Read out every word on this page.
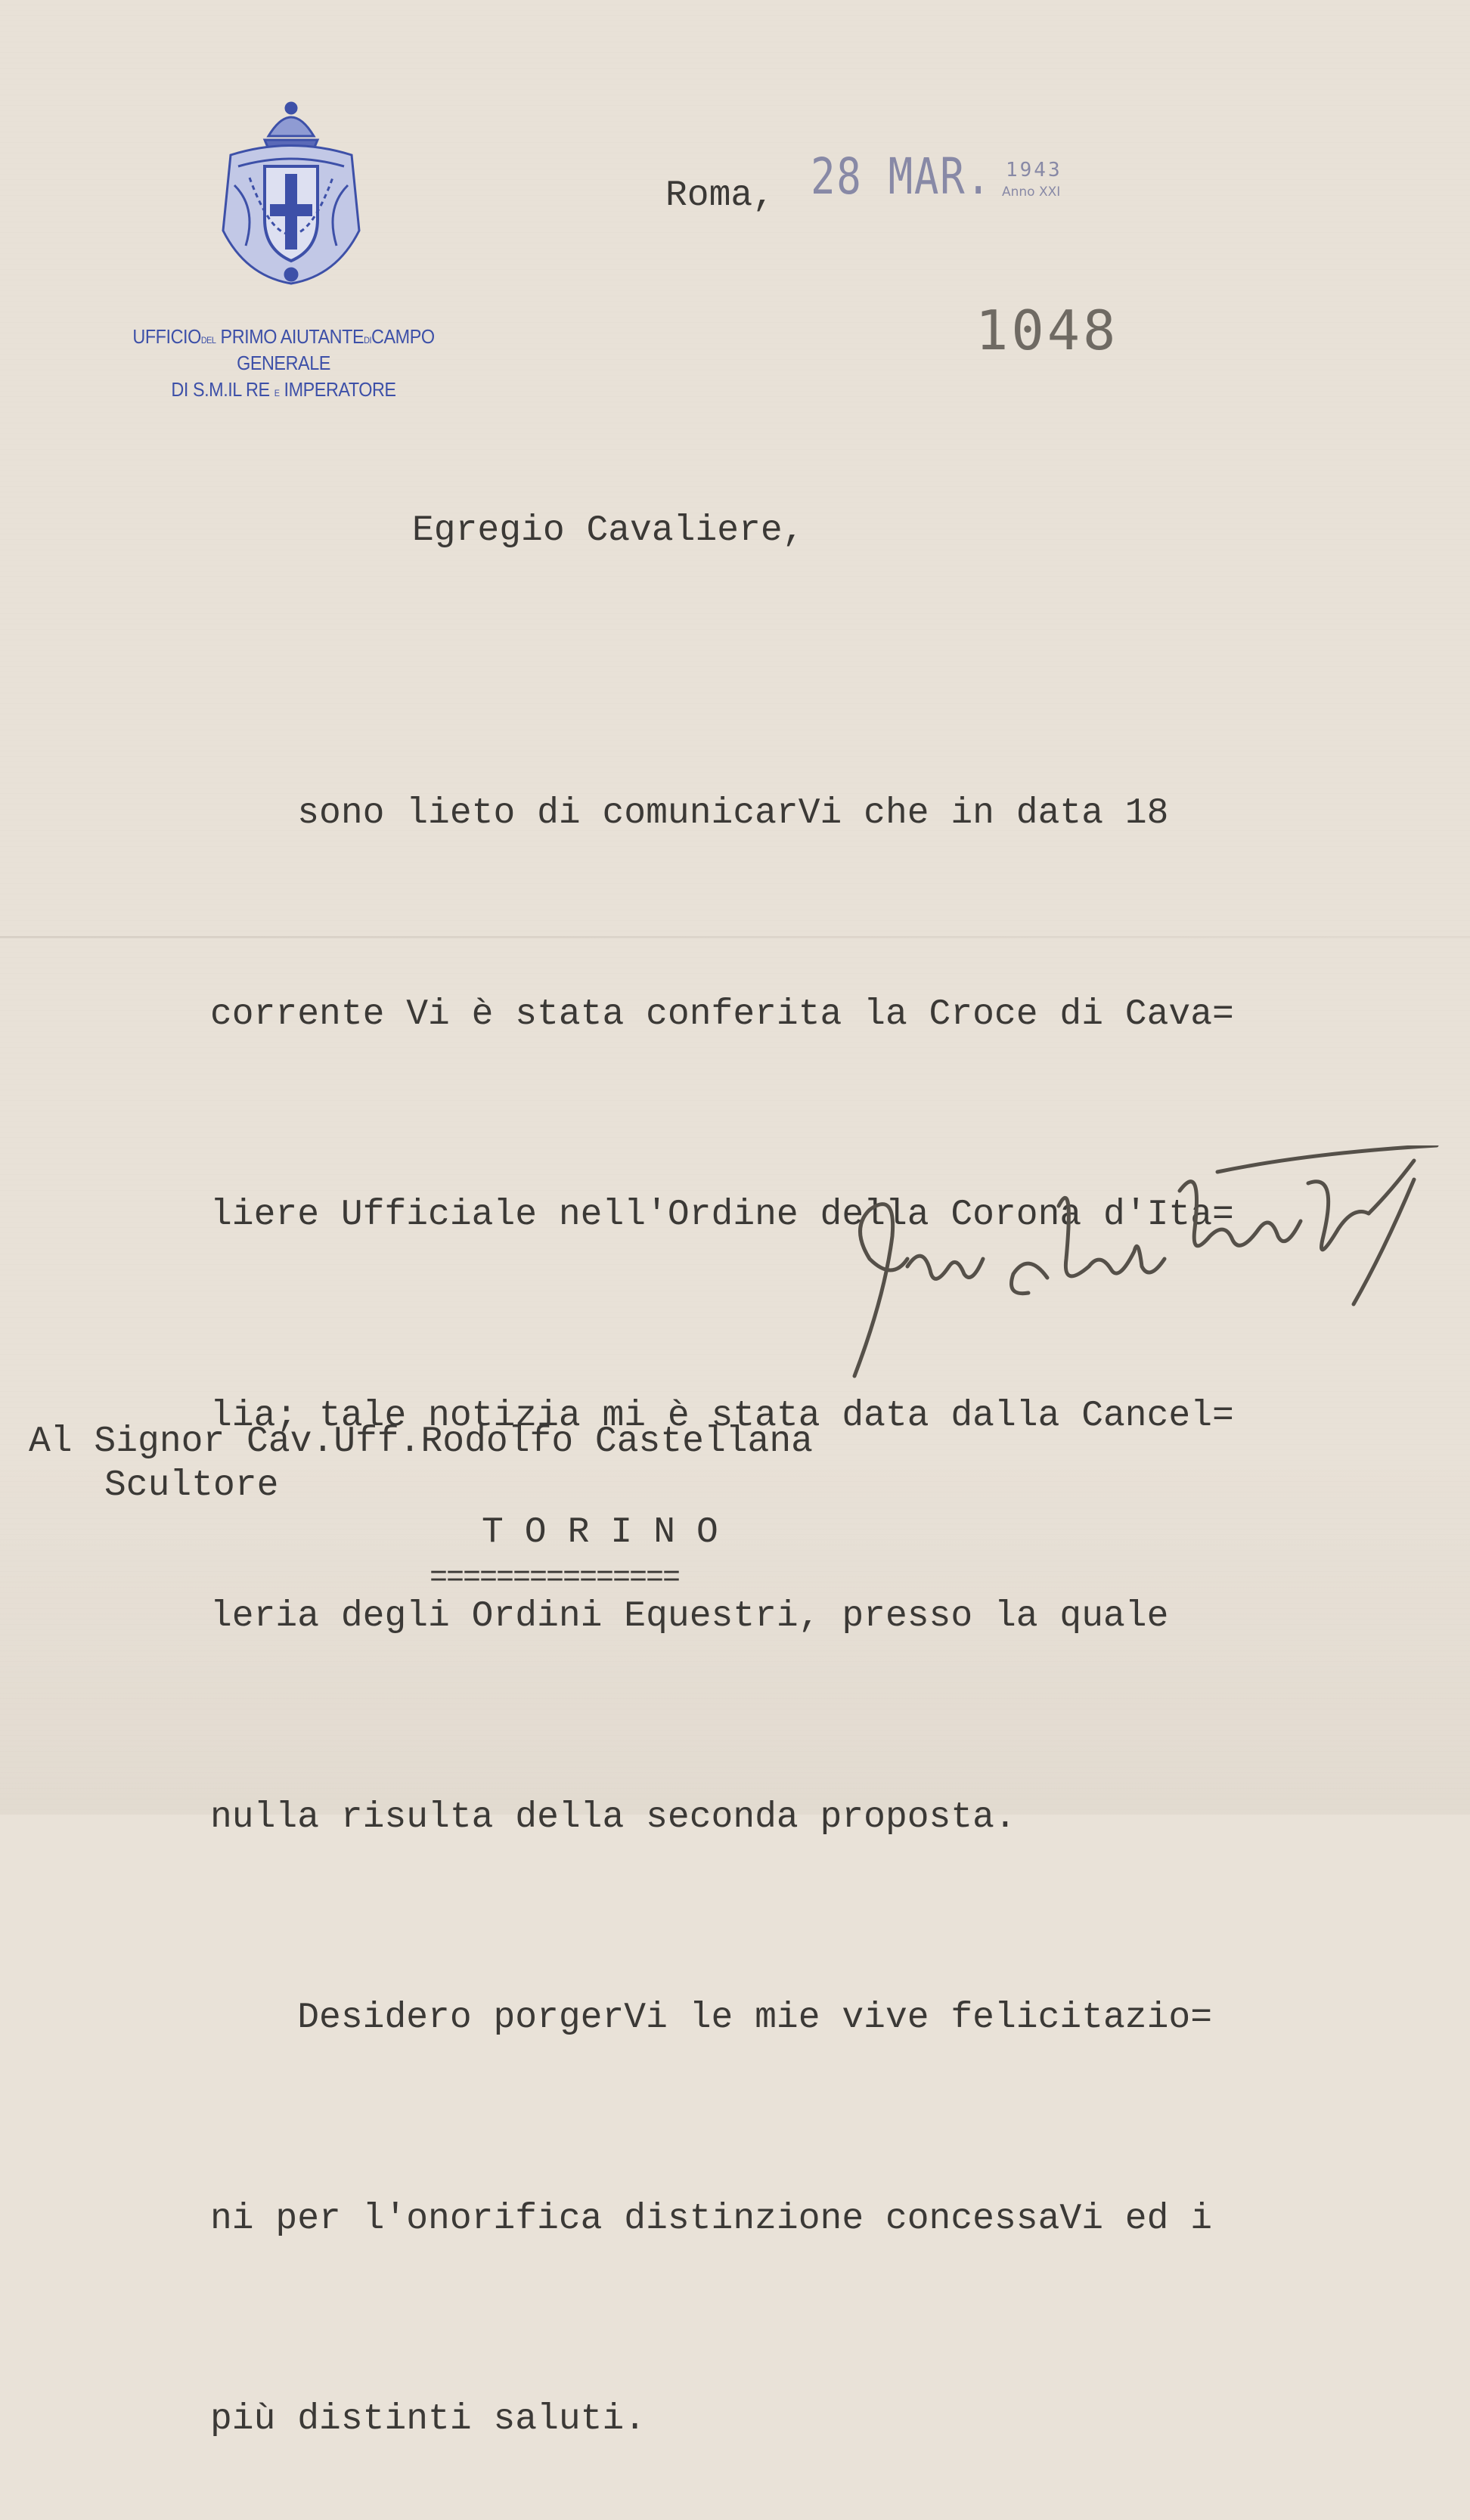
UFFICIODEL PRIMO AIUTANTEDICAMPO GENERALE
DI S.M.IL RE E IMPERATORE
Roma, 28 MAR. 1943
Anno XXI
1048
Egregio Cavaliere,

sono lieto di comunicarVi che in data 18

corrente Vi è stata conferita la Croce di Cava=

liere Ufficiale nell'Ordine della Corona d'Ita=

lia; tale notizia mi è stata data dalla Cancel=

leria degli Ordini Equestri, presso la quale

nulla risulta della seconda proposta.

Desidero porgerVi le mie vive felicitazio=

ni per l'onorifica distinzione concessaVi ed i

più distinti saluti.

Al Signor Cav.Uff.Rodolfo Castellana
Scultore
TORINO
===============
